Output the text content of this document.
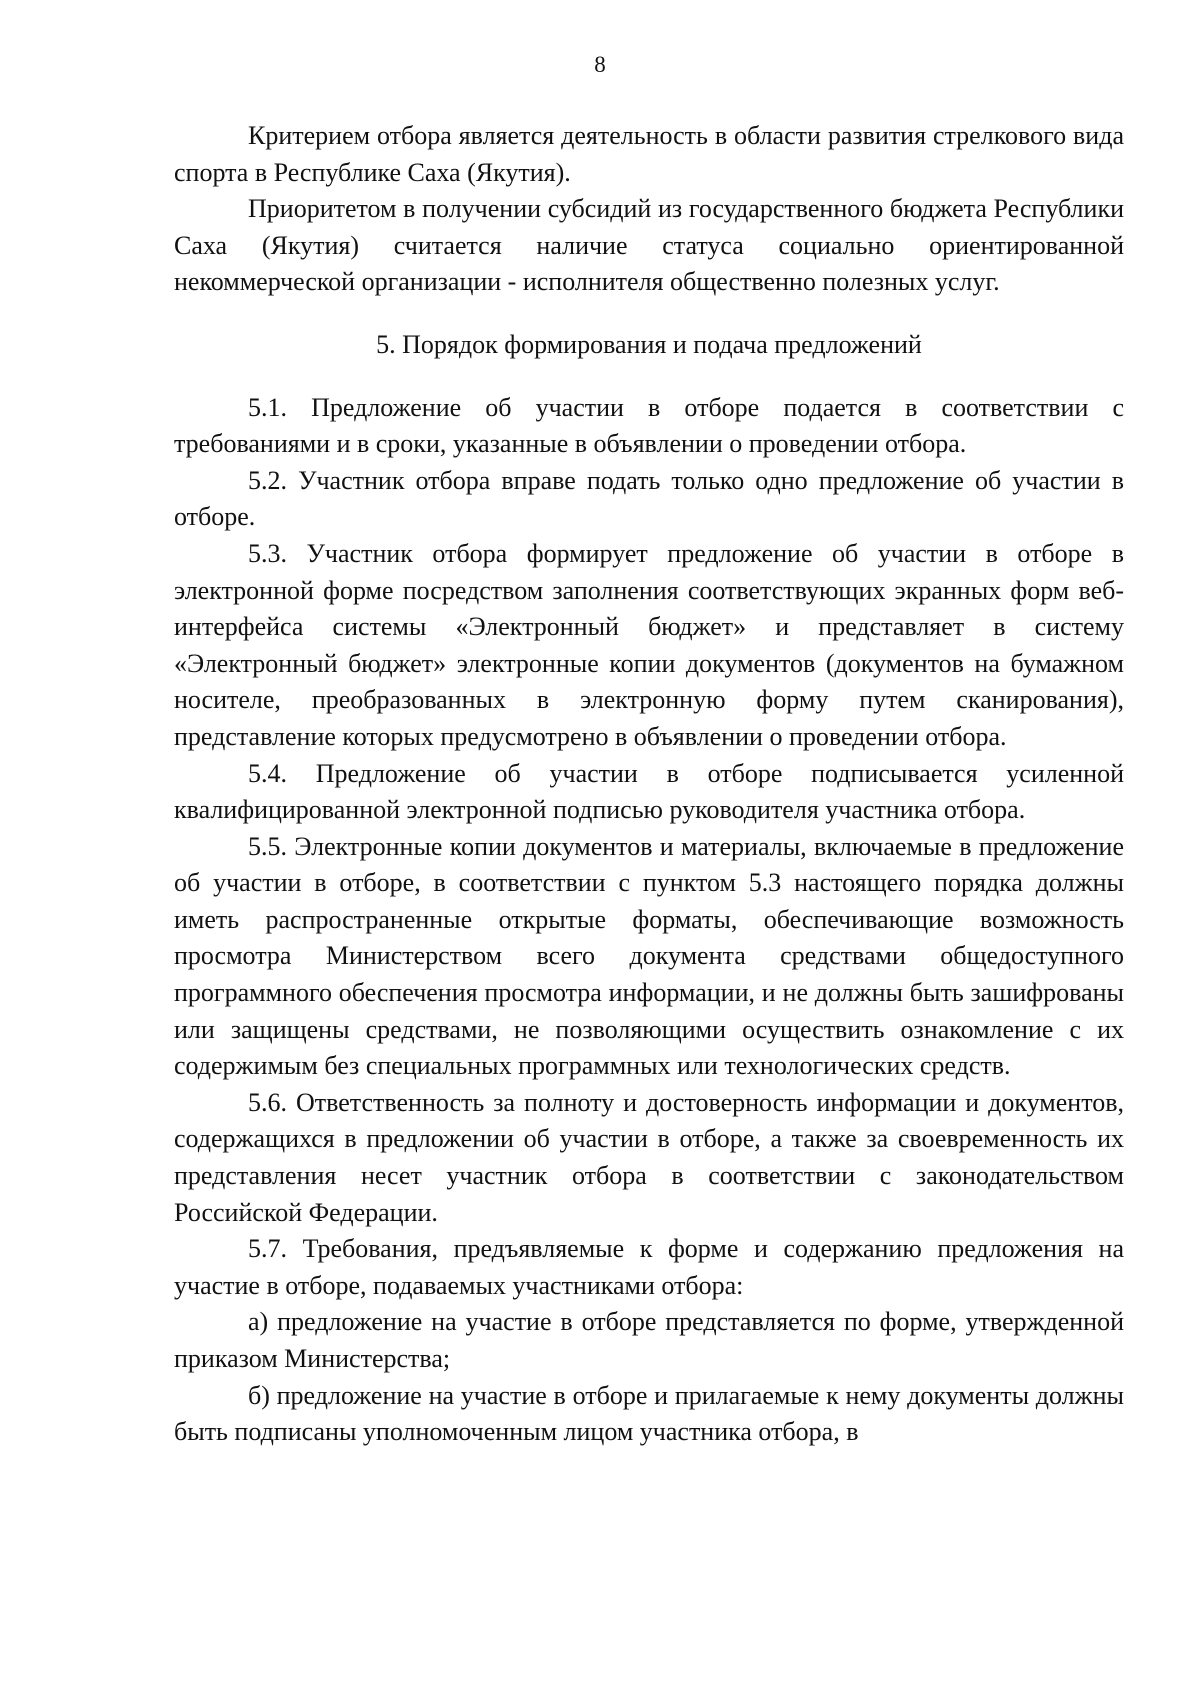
8

Критерием отбора является деятельность в области развития стрелкового вида спорта в Республике Саха (Якутия).

Приоритетом в получении субсидий из государственного бюджета Республики Саха (Якутия) считается наличие статуса социально ориентированной некоммерческой организации - исполнителя общественно полезных услуг.

5. Порядок формирования и подача предложений

5.1. Предложение об участии в отборе подается в соответствии с требованиями и в сроки, указанные в объявлении о проведении отбора.

5.2. Участник отбора вправе подать только одно предложение об участии в отборе.

5.3. Участник отбора формирует предложение об участии в отборе в электронной форме посредством заполнения соответствующих экранных форм веб-интерфейса системы «Электронный бюджет» и представляет в систему «Электронный бюджет» электронные копии документов (документов на бумажном носителе, преобразованных в электронную форму путем сканирования), представление которых предусмотрено в объявлении о проведении отбора.

5.4. Предложение об участии в отборе подписывается усиленной квалифицированной электронной подписью руководителя участника отбора.

5.5. Электронные копии документов и материалы, включаемые в предложение об участии в отборе, в соответствии с пунктом 5.3 настоящего порядка должны иметь распространенные открытые форматы, обеспечивающие возможность просмотра Министерством всего документа средствами общедоступного программного обеспечения просмотра информации, и не должны быть зашифрованы или защищены средствами, не позволяющими осуществить ознакомление с их содержимым без специальных программных или технологических средств.

5.6. Ответственность за полноту и достоверность информации и документов, содержащихся в предложении об участии в отборе, а также за своевременность их представления несет участник отбора в соответствии с законодательством Российской Федерации.

5.7. Требования, предъявляемые к форме и содержанию предложения на участие в отборе, подаваемых участниками отбора:

а) предложение на участие в отборе представляется по форме, утвержденной приказом Министерства;

б) предложение на участие в отборе и прилагаемые к нему документы должны быть подписаны уполномоченным лицом участника отбора, в
